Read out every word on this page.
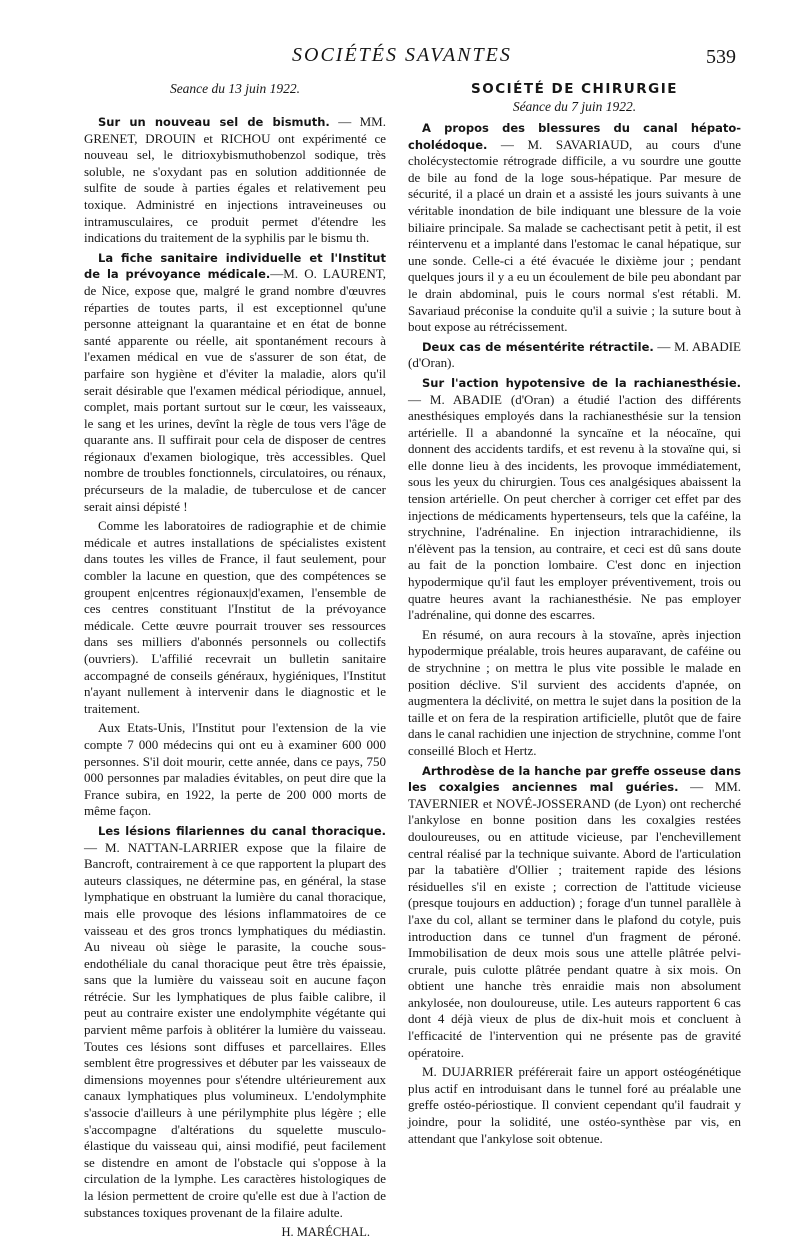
SOCIÉTÉS SAVANTES	539
Seance du 13 juin 1922.

Sur un nouveau sel de bismuth. — MM. GRENET, DROUIN et RICHOU ont expérimenté ce nouveau sel, le ditrioxybismuthobenzol sodique, très soluble, ne s'oxydant pas en solution additionnée de sulfite de soude à parties égales et relativement peu toxique. Administré en injections intraveineuses ou intramusculaires, ce produit permet d'étendre les indications du traitement de la syphilis par le bismu th.

La fiche sanitaire individuelle et l'Institut de la prévoyance médicale.—M. O. LAURENT, de Nice, expose que, malgré le grand nombre d'œuvres réparties de toutes parts, il est exceptionnel qu'une personne atteignant la quarantaine et en état de bonne santé apparente ou réelle, ait spontanément recours à l'examen médical en vue de s'assurer de son état, de parfaire son hygiène et d'éviter la maladie, alors qu'il serait désirable que l'examen médical périodique, annuel, complet, mais portant surtout sur le cœur, les vaisseaux, le sang et les urines, devînt la règle de tous vers l'âge de quarante ans. Il suffirait pour cela de disposer de centres régionaux d'examen biologique, très accessibles. Quel nombre de troubles fonctionnels, circulatoires, ou rénaux, précurseurs de la maladie, de tuberculose et de cancer serait ainsi dépisté !

Comme les laboratoires de radiographie et de chimie médicale et autres installations de spécialistes existent dans toutes les villes de France, il faut seulement, pour combler la lacune en question, que des compétences se groupent en|centres régionaux|d'examen, l'ensemble de ces centres constituant l'Institut de la prévoyance médicale. Cette œuvre pourrait trouver ses ressources dans ses milliers d'abonnés personnels ou collectifs (ouvriers). L'affilié recevrait un bulletin sanitaire accompagné de conseils généraux, hygiéniques, l'Institut n'ayant nullement à intervenir dans le diagnostic et le traitement.

Aux Etats-Unis, l'Institut pour l'extension de la vie compte 7 000 médecins qui ont eu à examiner 600 000 personnes. S'il doit mourir, cette année, dans ce pays, 750 000 personnes par maladies évitables, on peut dire que la France subira, en 1922, la perte de 200 000 morts de même façon.

Les lésions filariennes du canal thoracique. — M. NATTAN-LARRIER expose que la filaire de Bancroft, contrairement à ce que rapportent la plupart des auteurs classiques, ne détermine pas, en général, la stase lymphatique en obstruant la lumière du canal thoracique, mais elle provoque des lésions inflammatoires de ce vaisseau et des gros troncs lymphatiques du médiastin. Au niveau où siège le parasite, la couche sous-endothéliale du canal thoracique peut être très épaissie, sans que la lumière du vaisseau soit en aucune façon rétrécie. Sur les lymphatiques de plus faible calibre, il peut au contraire exister une endolymphite végétante qui parvient même parfois à oblitérer la lumière du vaisseau. Toutes ces lésions sont diffuses et parcellaires. Elles semblent être progressives et débuter par les vaisseaux de dimensions moyennes pour s'étendre ultérieurement aux canaux lymphatiques plus volumineux. L'endolymphite s'associe d'ailleurs à une périlymphite plus légère ; elle s'accompagne d'altérations du squelette musculo-élastique du vaisseau qui, ainsi modifié, peut facilement se distendre en amont de l'obstacle qui s'oppose à la circulation de la lymphe. Les caractères histologiques de la lésion permettent de croire qu'elle est due à l'action de substances toxiques provenant de la filaire adulte.

H. MARÉCHAL.

SOCIÉTÉ DE CHIRURGIE
Séance du 7 juin 1922.

A propos des blessures du canal hépato-cholédoque. — M. SAVARIAUD, au cours d'une cholécystectomie rétrograde difficile, a vu sourdre une goutte de bile au fond de la loge sous-hépatique. Par mesure de sécurité, il a placé un drain et a assisté les jours suivants à une véritable inondation de bile indiquant une blessure de la voie biliaire principale. Sa malade se cachectisant petit à petit, il est réintervenu et a implanté dans l'estomac le canal hépatique, sur une sonde. Celle-ci a été évacuée le dixième jour ; pendant quelques jours il y a eu un écoulement de bile peu abondant par le drain abdominal, puis le cours normal s'est rétabli. M. Savariaud préconise la conduite qu'il a suivie ; la suture bout à bout expose au rétrécissement.

Deux cas de mésentérite rétractile. — M. ABADIE (d'Oran).

Sur l'action hypotensive de la rachianesthésie. — M. ABADIE (d'Oran) a étudié l'action des différents anesthésiques employés dans la rachianesthésie sur la tension artérielle. Il a abandonné la syncaïne et la néocaïne, qui donnent des accidents tardifs, et est revenu à la stovaïne qui, si elle donne lieu à des incidents, les provoque immédiatement, sous les yeux du chirurgien. Tous ces analgésiques abaissent la tension artérielle. On peut chercher à corriger cet effet par des injections de médicaments hypertenseurs, tels que la caféine, la strychnine, l'adrénaline. En injection intrarachidienne, ils n'élèvent pas la tension, au contraire, et ceci est dû sans doute au fait de la ponction lombaire. C'est donc en injection hypodermique qu'il faut les employer préventivement, trois ou quatre heures avant la rachianesthésie. Ne pas employer l'adrénaline, qui donne des escarres.

En résumé, on aura recours à la stovaïne, après injection hypodermique préalable, trois heures auparavant, de caféine ou de strychnine ; on mettra le plus vite possible le malade en position déclive. S'il survient des accidents d'apnée, on augmentera la déclivité, on mettra le sujet dans la position de la taille et on fera de la respiration artificielle, plutôt que de faire dans le canal rachidien une injection de strychnine, comme l'ont conseillé Bloch et Hertz.

Arthrodèse de la hanche par greffe osseuse dans les coxalgies anciennes mal guéries. — MM. TAVERNIER et NOVÉ-JOSSERAND (de Lyon) ont recherché l'ankylose en bonne position dans les coxalgies restées douloureuses, ou en attitude vicieuse, par l'enchevillement central réalisé par la technique suivante. Abord de l'articulation par la tabatière d'Ollier ; traitement rapide des lésions résiduelles s'il en existe ; correction de l'attitude vicieuse (presque toujours en adduction) ; forage d'un tunnel parallèle à l'axe du col, allant se terminer dans le plafond du cotyle, puis introduction dans ce tunnel d'un fragment de péroné. Immobilisation de deux mois sous une attelle plâtrée pelvi-crurale, puis culotte plâtrée pendant quatre à six mois. On obtient une hanche très enraidie mais non absolument ankylosée, non douloureuse, utile. Les auteurs rapportent 6 cas dont 4 déjà vieux de plus de dix-huit mois et concluent à l'efficacité de l'intervention qui ne présente pas de gravité opératoire.

M. DUJARRIER préférerait faire un apport ostéogénétique plus actif en introduisant dans le tunnel foré au préalable une greffe ostéo-périostique. Il convient cependant qu'il faudrait y joindre, pour la solidité, une ostéo-synthèse par vis, en attendant que l'ankylose soit obtenue.
